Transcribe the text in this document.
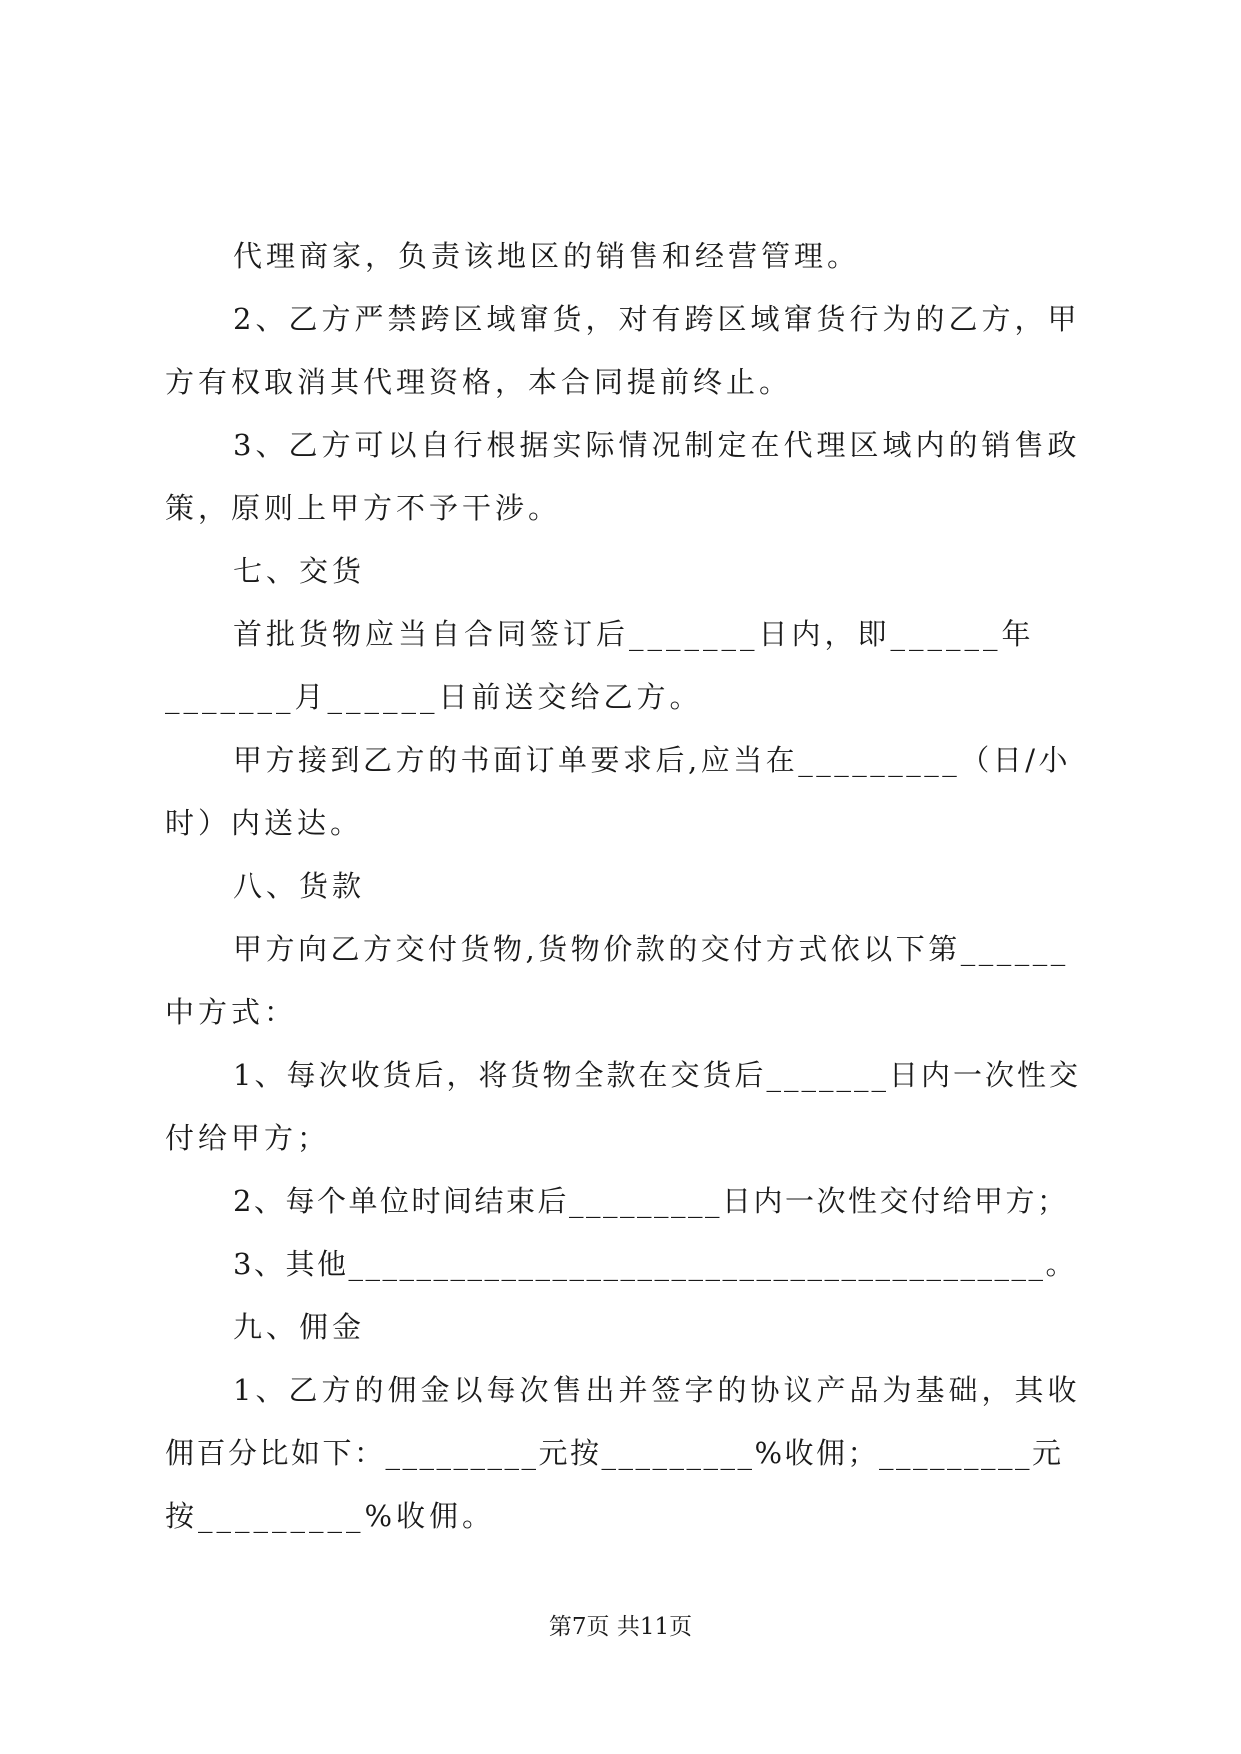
代理商家，负责该地区的销售和经营管理。
2、乙方严禁跨区域窜货，对有跨区域窜货行为的乙方，甲
方有权取消其代理资格，本合同提前终止。
3、乙方可以自行根据实际情况制定在代理区域内的销售政
策，原则上甲方不予干涉。
七、交货
首批货物应当自合同签订后_______日内，即______年
_______月______日前送交给乙方。
甲方接到乙方的书面订单要求后,应当在_________（日/小
时）内送达。
八、货款
甲方向乙方交付货物,货物价款的交付方式依以下第______
中方式：
1、每次收货后，将货物全款在交货后_______日内一次性交
付给甲方；
2、每个单位时间结束后_________日内一次性交付给甲方；
3、其他_________________________________________。
九、佣金
1、乙方的佣金以每次售出并签字的协议产品为基础，其收
佣百分比如下：_________元按_________%收佣；_________元
按_________%收佣。
第7页 共11页
